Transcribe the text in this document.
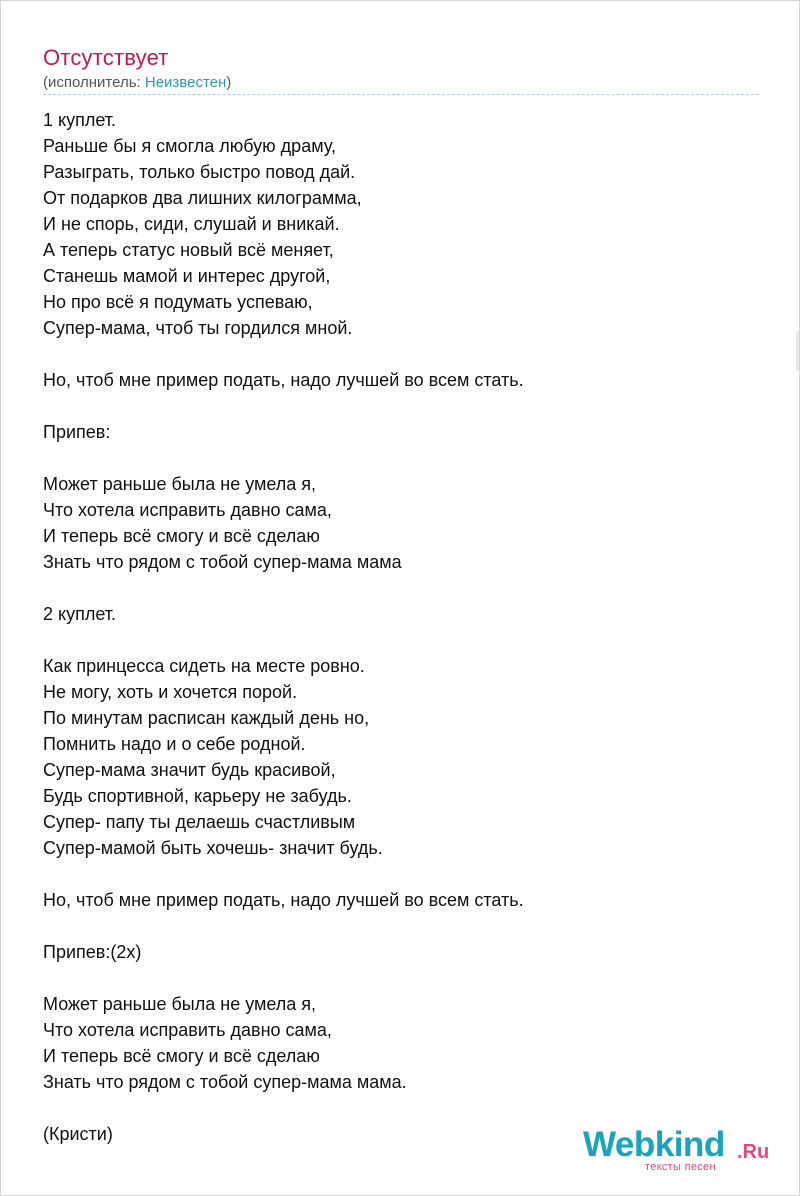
Отсутствует
(исполнитель: Неизвестен)
1 куплет.
Раньше бы я смогла любую драму,
Разыграть, только быстро повод дай.
От подарков два лишних килограмма,
И не спорь, сиди, слушай и вникай.
А теперь статус новый всё меняет,
Станешь мамой и интерес другой,
Но про всё я подумать успеваю,
Супер-мама, чтоб ты гордился мной.
Но, чтоб мне пример подать, надо лучшей во всем стать.
Припев:
Может раньше была не умела я,
Что хотела исправить давно сама,
И теперь всё смогу и всё сделаю
Знать что рядом с тобой супер-мама мама
2 куплет.
Как принцесса сидеть на месте ровно.
Не могу, хоть и хочется порой.
По минутам расписан каждый день но,
Помнить надо и о себе родной.
Супер-мама значит будь красивой,
Будь спортивной, карьеру не забудь.
Супер- папу ты делаешь счастливым
Супер-мамой быть хочешь- значит будь.
Но, чтоб мне пример подать, надо лучшей во всем стать.
Припев:(2х)
Может раньше была не умела я,
Что хотела исправить давно сама,
И теперь всё смогу и всё сделаю
Знать что рядом с тобой супер-мама мама.
(Кристи)	Webkind .Ru
тексты песен
